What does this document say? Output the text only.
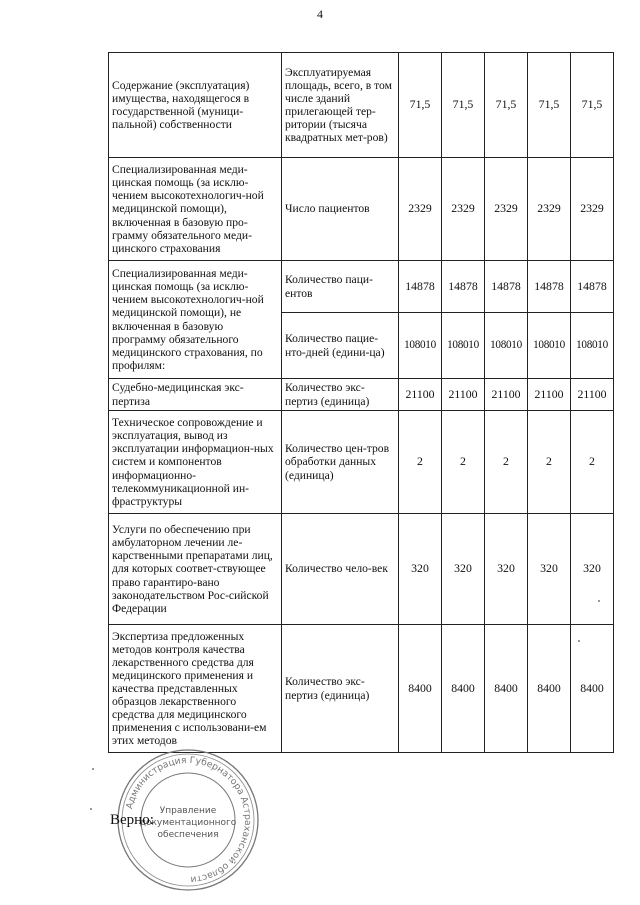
4
Содержание (эксплуатация) имущества, находящегося в государственной (муници-пальной) собственности	Эксплуатируемая площадь, всего, в том числе зданий прилегающей тер-ритории (тысяча квадратных мет-ров)	71,5	71,5	71,5	71,5	71,5
Специализированная меди-цинская помощь (за исклю-чением высокотехнологич-ной медицинской помощи), включенная в базовую про-грамму обязательного меди-цинского страхования	Число пациентов	2329	2329	2329	2329	2329
Специализированная меди-цинская помощь (за исклю-чением высокотехнологич-ной медицинской помощи), не включенная в базовую программу обязательного медицинского страхования, по профилям:	Количество паци-ентов	14878	14878	14878	14878	14878
	Количество пацие-нто-дней (едини-ца)	108010	108010	108010	108010	108010
Судебно-медицинская экс-пертиза	Количество экс-пертиз (единица)	21100	21100	21100	21100	21100
Техническое сопровождение и эксплуатация, вывод из эксплуатации информацион-ных систем и компонентов информационно-телекоммуникационной ин-фраструктуры	Количество цен-тров обработки данных (единица)	2	2	2	2	2
Услуги по обеспечению при амбулаторном лечении ле-карственными препаратами лиц, для которых соответ-ствующее право гарантиро-вано законодательством Рос-сийской Федерации	Количество чело-век	320	320	320	320	320
Экспертиза предложенных методов контроля качества лекарственного средства для медицинского применения и качества представленных образцов лекарственного средства для медицинского применения с использовани-ем этих методов	Количество экс-пертиз (единица)	8400	8400	8400	8400	8400
Администрация Губернатора Астраханской области
Управление
документационного
обеспечения
Верно:
